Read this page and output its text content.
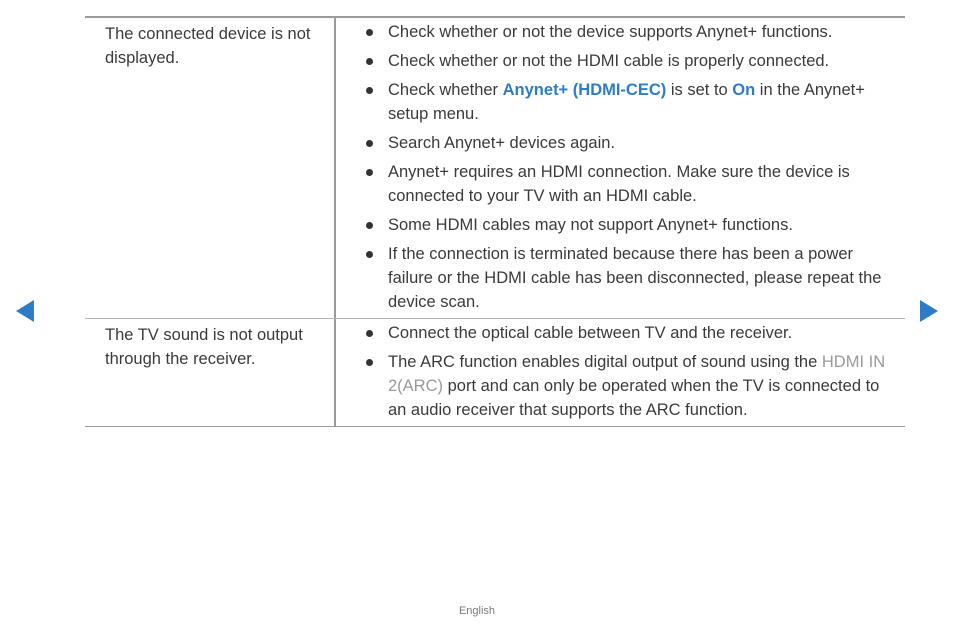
The connected device is not displayed.
Check whether or not the device supports Anynet+ functions.
Check whether or not the HDMI cable is properly connected.
Check whether Anynet+ (HDMI-CEC) is set to On in the Anynet+ setup menu.
Search Anynet+ devices again.
Anynet+ requires an HDMI connection. Make sure the device is connected to your TV with an HDMI cable.
Some HDMI cables may not support Anynet+ functions.
If the connection is terminated because there has been a power failure or the HDMI cable has been disconnected, please repeat the device scan.
The TV sound is not output through the receiver.
Connect the optical cable between TV and the receiver.
The ARC function enables digital output of sound using the HDMI IN 2(ARC) port and can only be operated when the TV is connected to an audio receiver that supports the ARC function.
English
